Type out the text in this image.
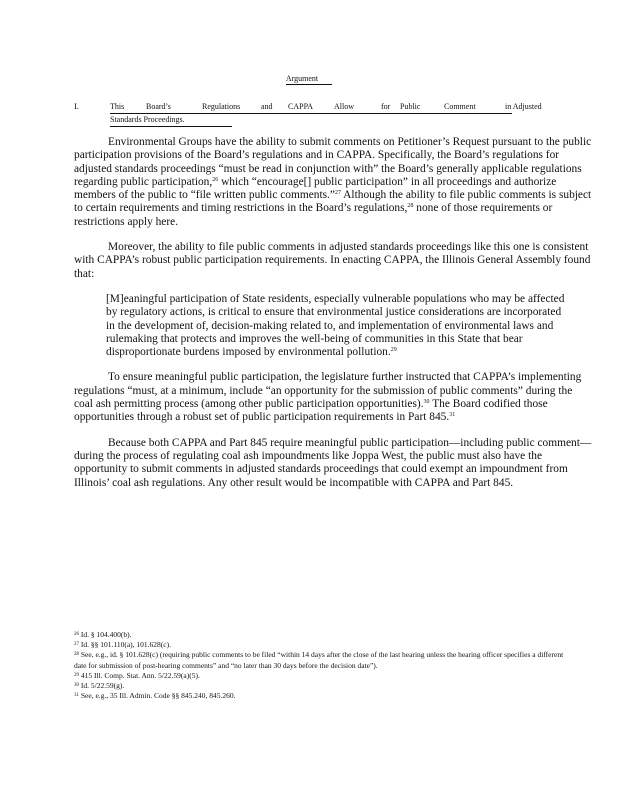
Argument
I.	This	Board’s	Regulations	and CAPPA	Allow	for Public	Comment	in Adjusted
Standards Proceedings.

Environmental Groups have the ability to submit comments on Petitioner’s Request pursuant to the public participation provisions of the Board’s regulations and in CAPPA. Specifically, the Board’s regulations for adjusted standards proceedings “must be read in conjunction with” the Board’s generally applicable regulations regarding public participation,$^{26}$ which “encourage[] public participation” in all proceedings and authorize members of the public to “file written public comments.”$^{27}$ Although the ability to file public comments is subject to certain requirements and timing restrictions in the Board’s regulations,$^{28}$ none of those requirements or restrictions apply here.

Moreover, the ability to file public comments in adjusted standards proceedings like this one is consistent with CAPPA’s robust public participation requirements. In enacting CAPPA, the Illinois General Assembly found that:

[M]eaningful participation of State residents, especially vulnerable populations who may be affected by regulatory actions, is critical to ensure that environmental justice considerations are incorporated in the development of, decision-making related to, and implementation of environmental laws and rulemaking that protects and improves the well-being of communities in this State that bear disproportionate burdens imposed by environmental pollution.$^{29}$

To ensure meaningful public participation, the legislature further instructed that CAPPA’s implementing regulations “must, at a minimum, include “an opportunity for the submission of public comments” during the coal ash permitting process (among other public participation opportunities).$^{30}$ The Board codified those opportunities through a robust set of public participation requirements in Part 845.31

Because both CAPPA and Part 845 require meaningful public participation—including public comment—during the process of regulating coal ash impoundments like Joppa West, the public must also have the opportunity to submit comments in adjusted standards proceedings that could exempt an impoundment from Illinois’ coal ash regulations. Any other result would be incompatible with CAPPA and Part 845.

$^{26}$ Id. § 104.400(b).

$^{27}$ Id. §§ 101.110(a), 101.628(c).

$^{28}$ See, e.g., id. § 101.628(c) (requiring public comments to be filed “within 14 days after the close of the last hearing unless the hearing officer specifies a different date for submission of post-hearing comments” and “no later than 30 days before the decision date”).

$^{29}$ 415 Ill. Comp. Stat. Ann. 5/22.59(a)(5).

$^{30}$ Id. 5/22.59(g).

$^{31}$ See, e.g., 35 Ill. Admin. Code §§ 845.240, 845.260.
